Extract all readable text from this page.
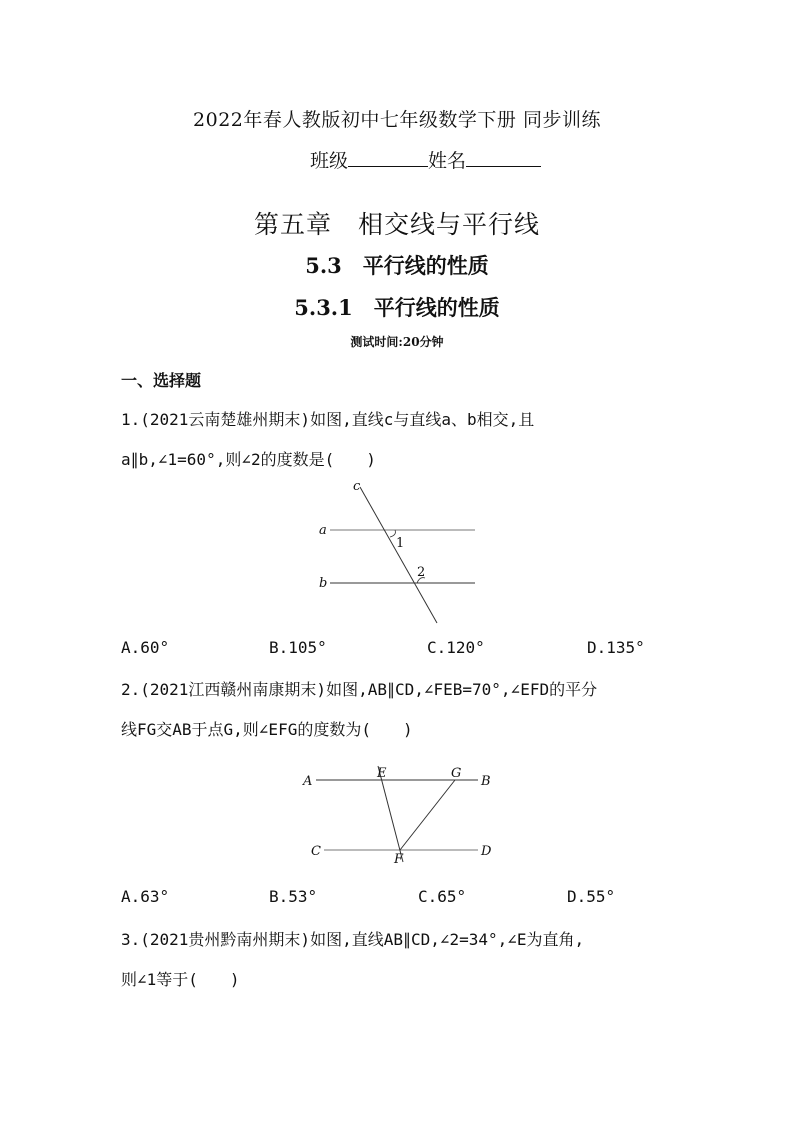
2022年春人教版初中七年级数学下册 同步训练
班级	姓名
第五章　相交线与平行线
5.3　平行线的性质
5.3.1　平行线的性质
测试时间:20分钟
一、选择题
1.(2021云南楚雄州期末)如图,直线c与直线a、b相交,且
a∥b,∠1=60°,则∠2的度数是(　　)
c
a
b
1
2
A.60°	B.105°	C.120°	D.135°
2.(2021江西赣州南康期末)如图,AB∥CD,∠FEB=70°,∠EFD的平分
线FG交AB于点G,则∠EFG的度数为(　　)
A
E	G
B
C
F
D
A.63°	B.53°	C.65°	D.55°
3.(2021贵州黔南州期末)如图,直线AB∥CD,∠2=34°,∠E为直角,
则∠1等于(　　)
